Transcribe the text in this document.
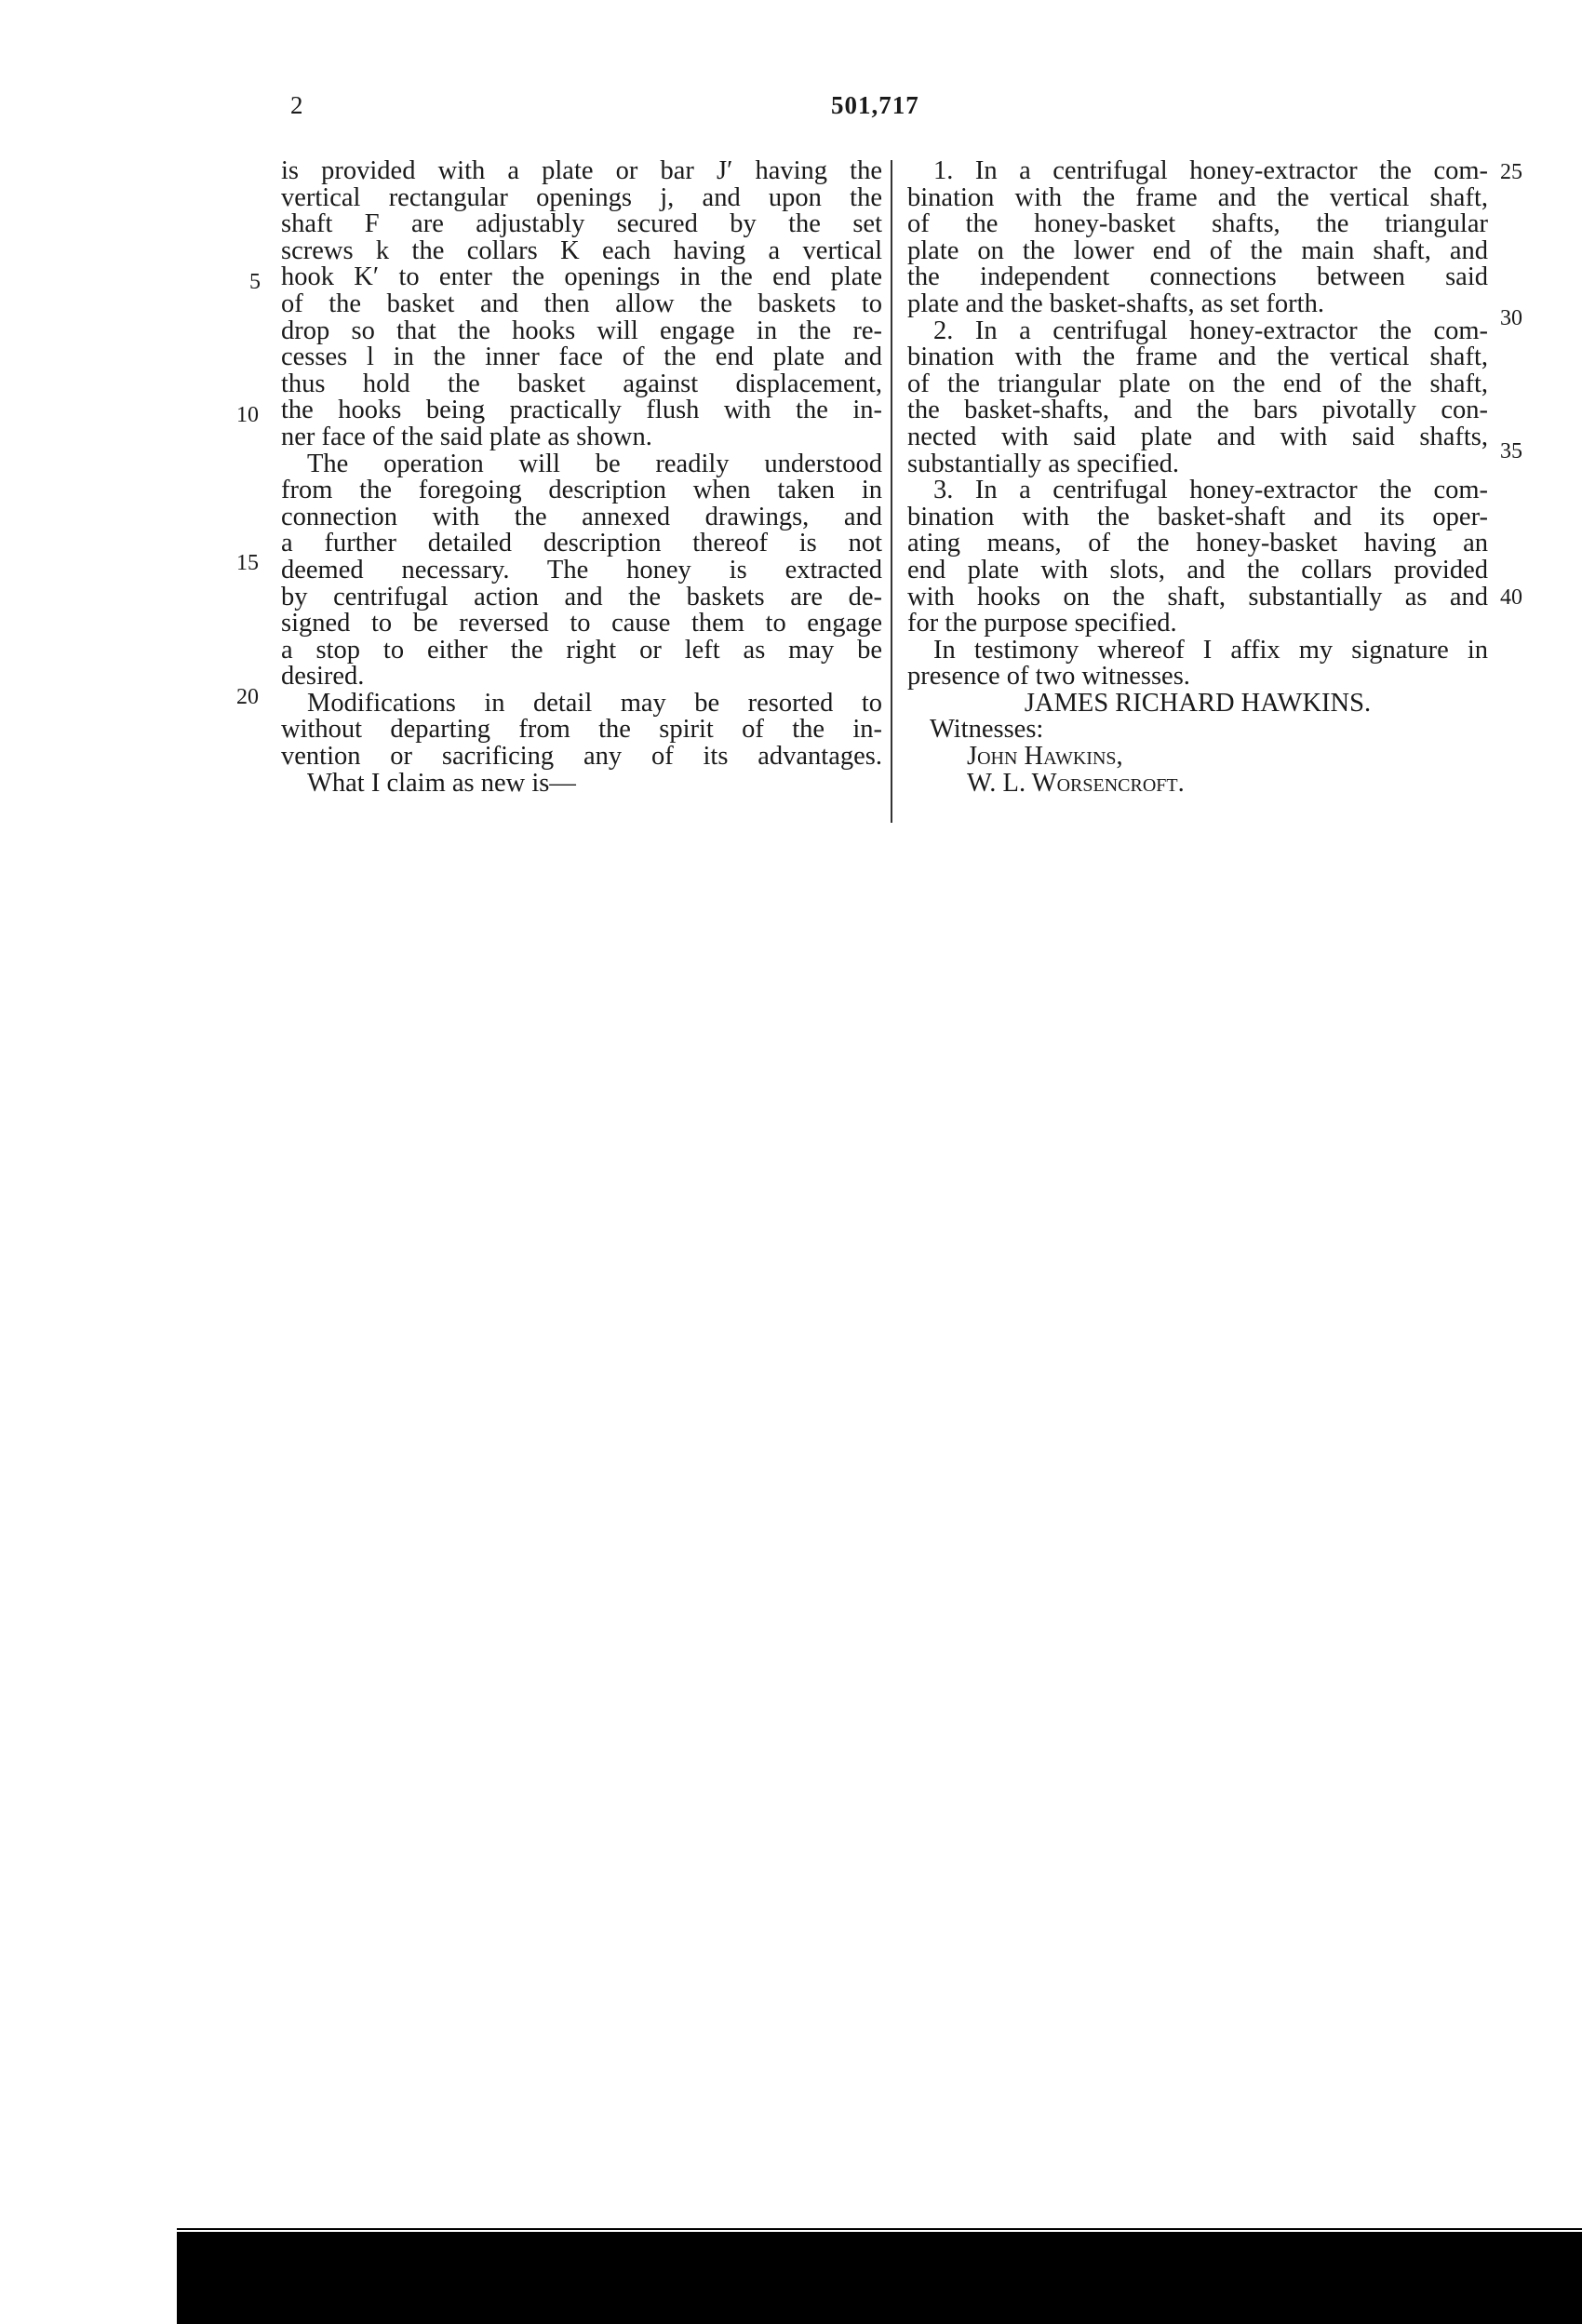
2	501,717
is provided with a plate or bar J′ having the
vertical rectangular openings j, and upon the
shaft F are adjustably secured by the set
screws k the collars K each having a vertical
hook K′ to enter the openings in the end plate
of the basket and then allow the baskets to
drop so that the hooks will engage in the re-
cesses l in the inner face of the end plate and
thus hold the basket against displacement,
the hooks being practically flush with the in-
ner face of the said plate as shown.
The operation will be readily understood
from the foregoing description when taken in
connection with the annexed drawings, and
a further detailed description thereof is not
deemed necessary. The honey is extracted
by centrifugal action and the baskets are de-
signed to be reversed to cause them to engage
a stop to either the right or left as may be
desired.
Modifications in detail may be resorted to
without departing from the spirit of the in-
vention or sacrificing any of its advantages.
What I claim as new is—
1. In a centrifugal honey-extractor the com-
bination with the frame and the vertical shaft,
of the honey-basket shafts, the triangular
plate on the lower end of the main shaft, and
the independent connections between said
plate and the basket-shafts, as set forth.
2. In a centrifugal honey-extractor the com-
bination with the frame and the vertical shaft,
of the triangular plate on the end of the shaft,
the basket-shafts, and the bars pivotally con-
nected with said plate and with said shafts,
substantially as specified.
3. In a centrifugal honey-extractor the com-
bination with the basket-shaft and its oper-
ating means, of the honey-basket having an
end plate with slots, and the collars provided
with hooks on the shaft, substantially as and
for the purpose specified.
In testimony whereof I affix my signature in
presence of two witnesses.
JAMES RICHARD HAWKINS.
Witnesses:
John Hawkins,
W. L. Worsencroft.
5
10
15
20
25
30
35
40
